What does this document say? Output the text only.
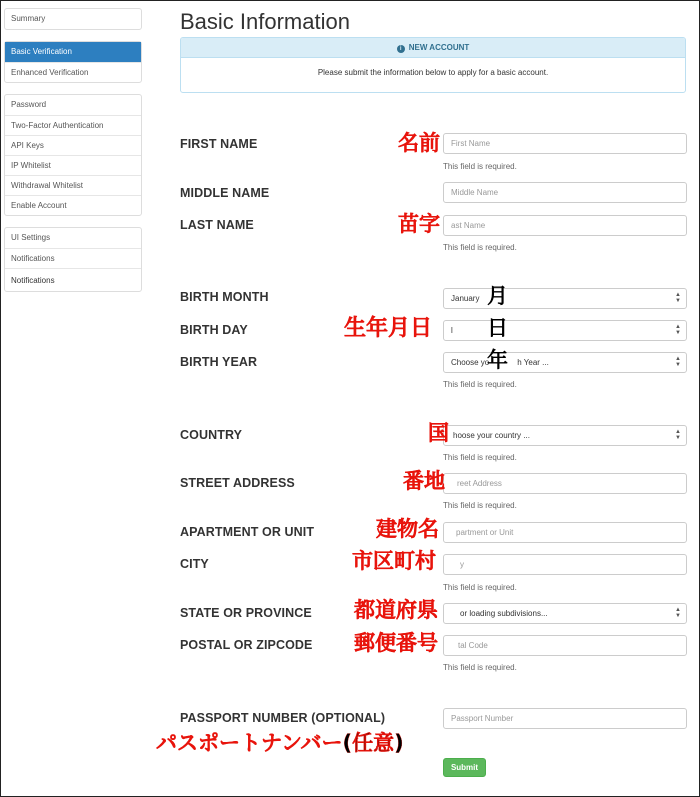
Summary
Basic Verification
Enhanced Verification
Password
Two-Factor Authentication
API Keys
IP Whitelist
Withdrawal Whitelist
Enable Account
UI Settings
Notifications
Notifications
Basic Information
i NEW ACCOUNT
Please submit the information below to apply for a basic account.
FIRST NAME	First Name
This field is required.
名前
MIDDLE NAME	Middle Name
LAST NAME	ast Name
This field is required.
苗字
BIRTH MONTH	January	▲
▼
月
BIRTH DAY	l	▲
▼
生年月日	日
BIRTH YEAR	Choose yo	h Year ...	▲
▼
This field is required.
年
COUNTRY	hoose your country ...	▲
▼
This field is required.
国
STREET ADDRESS	reet Address
This field is required.
番地
APARTMENT OR UNIT	partment or Unit
建物名
CITY	y
This field is required.
市区町村
STATE OR PROVINCE	or loading subdivisions...	▲
▼
都道府県
POSTAL OR ZIPCODE	tal Code
This field is required.
郵便番号
PASSPORT NUMBER (OPTIONAL)	Passport Number
パスポートナンバー(任意)
Submit
